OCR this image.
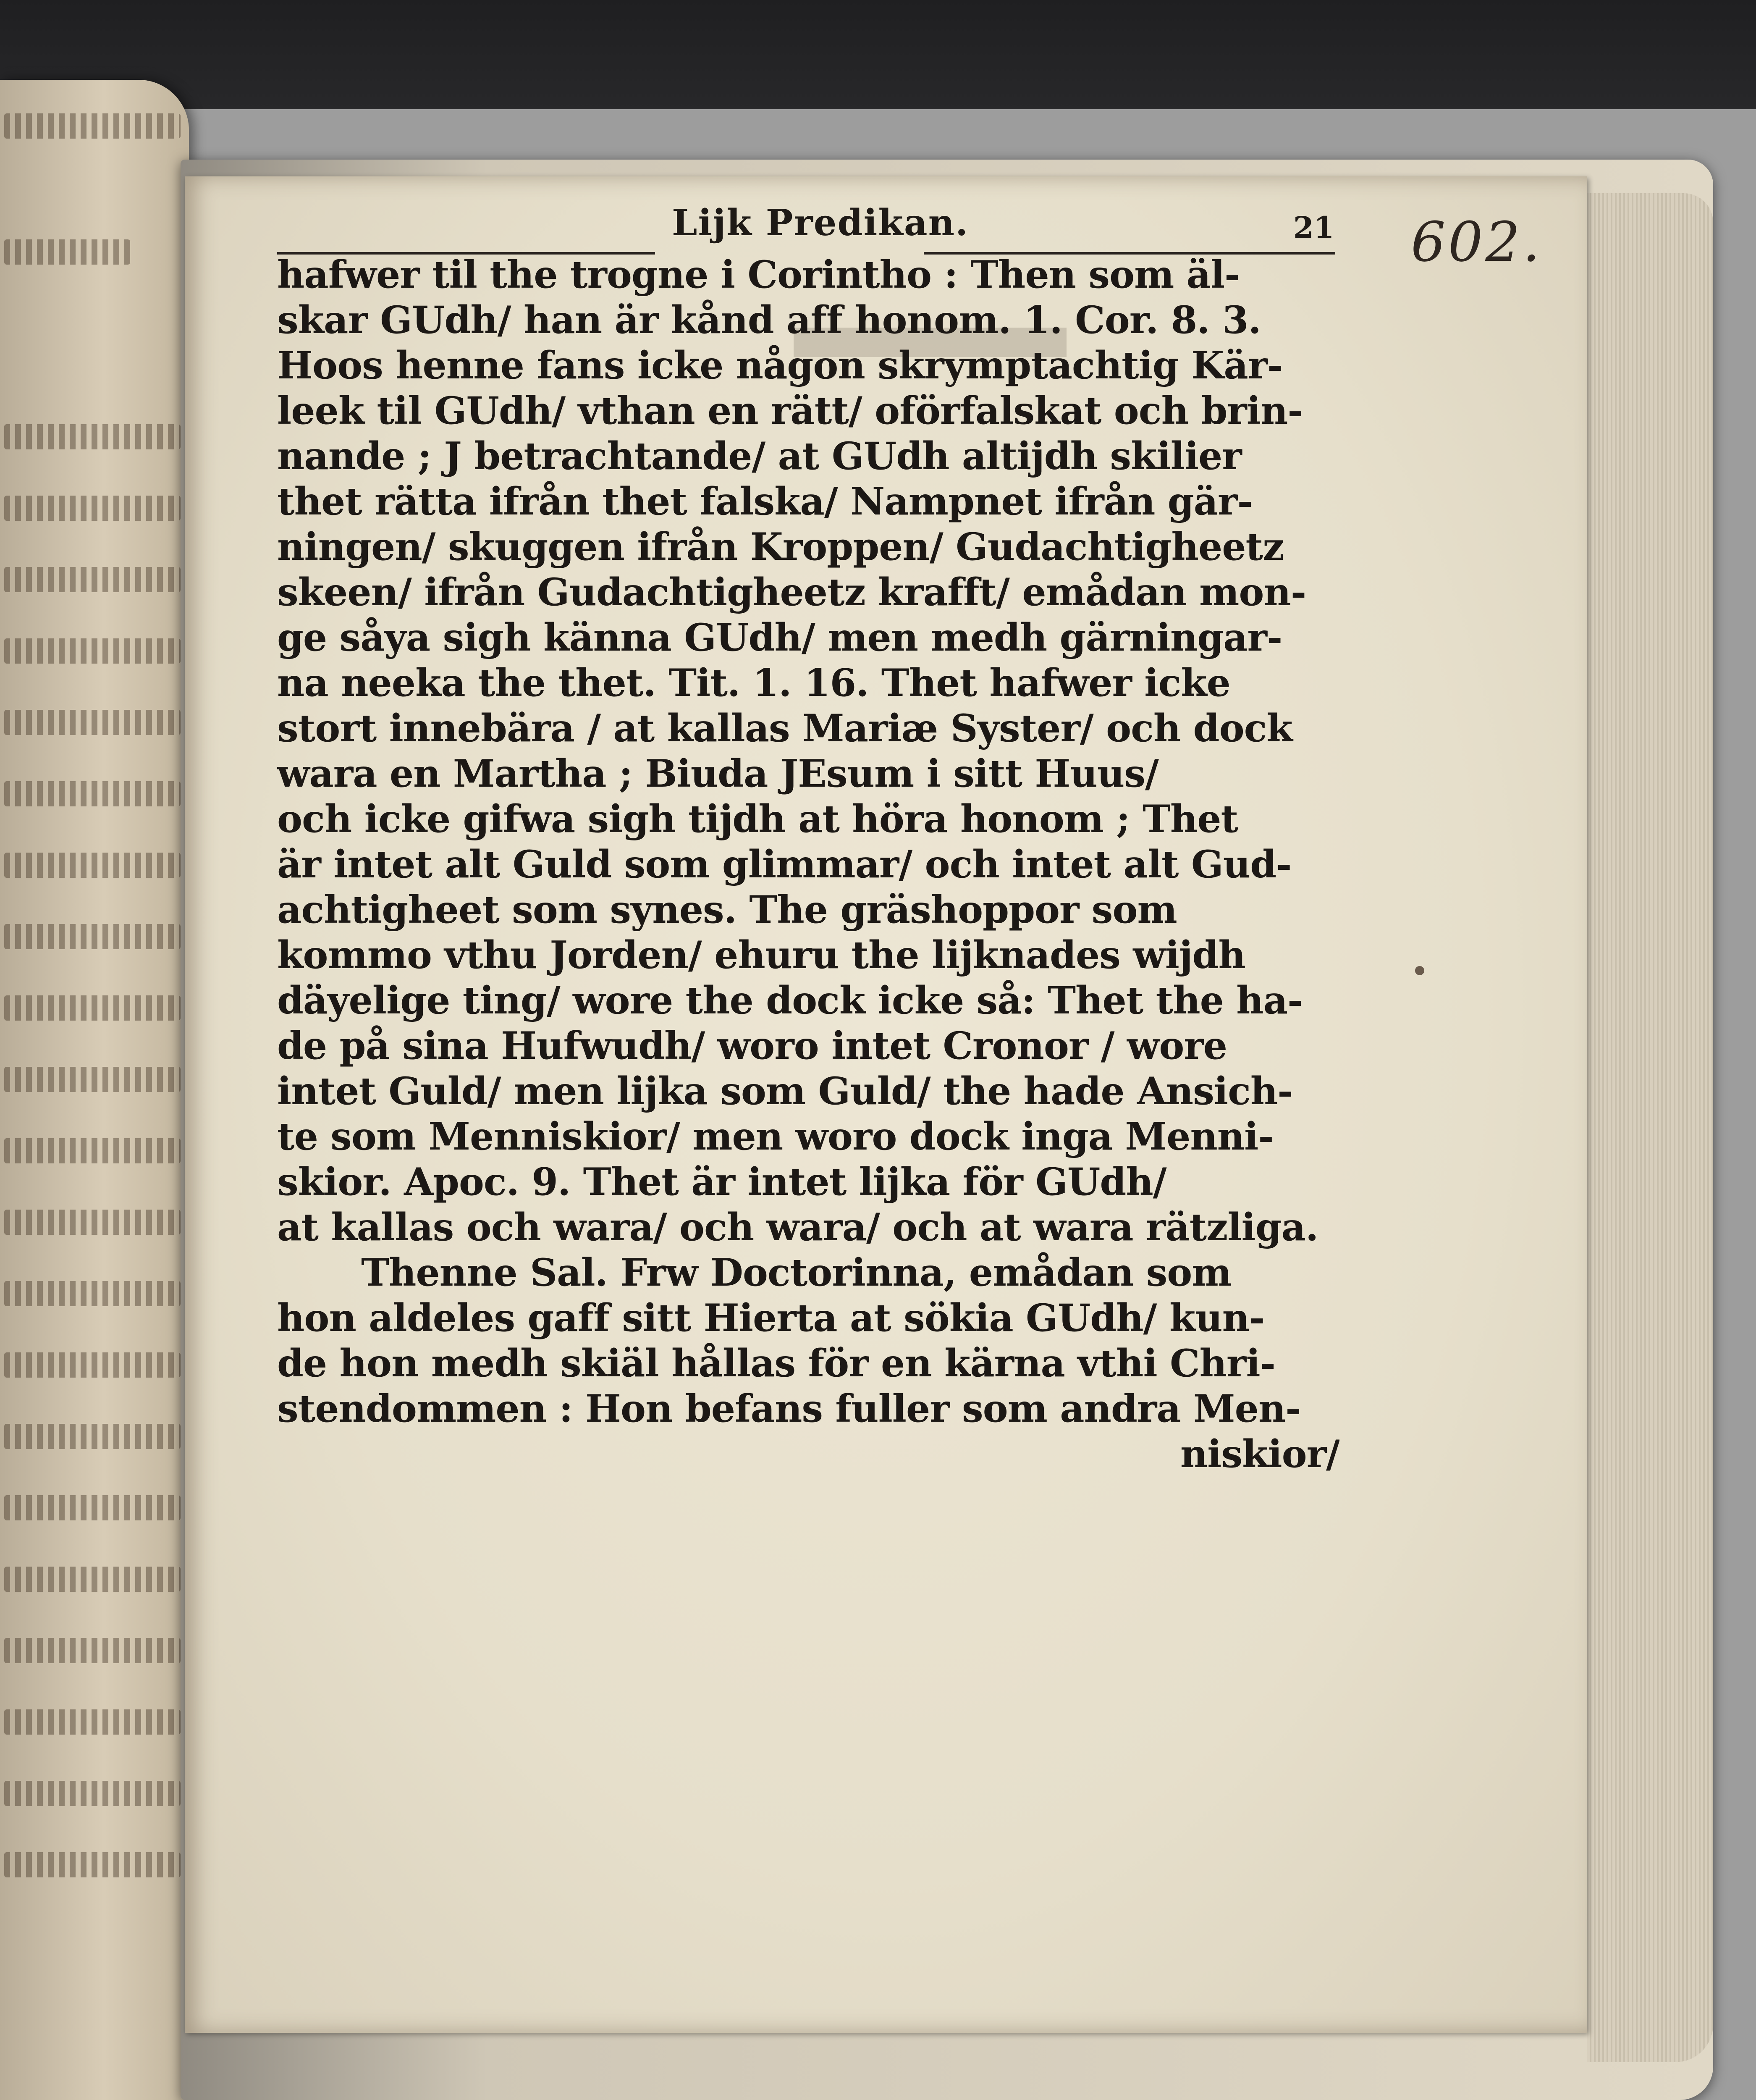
Lijk Predikan.	21 602.
hafwer til the trogne i Corintho : Then som äl-
skar GUdh/ han är kånd aff honom. 1. Cor. 8. 3.
Hoos henne fans icke någon skrymptachtig Kär-
leek til GUdh/ vthan en rätt/ oförfalskat och brin-
nande ; J betrachtande/ at GUdh altijdh skilier
thet rätta ifrån thet falska/ Nampnet ifrån gär-
ningen/ skuggen ifrån Kroppen/ Gudachtigheetz
skeen/ ifrån Gudachtigheetz krafft/ emådan mon-
ge såya sigh känna GUdh/ men medh gärningar-
na neeka the thet. Tit. 1. 16. Thet hafwer icke
stort innebära / at kallas Mariæ Syster/ och dock
wara en Martha ; Biuda JEsum i sitt Huus/
och icke gifwa sigh tijdh at höra honom ; Thet
är intet alt Guld som glimmar/ och intet alt Gud-
achtigheet som synes. The gräshoppor som
kommo vthu Jorden/ ehuru the lijknades wijdh
däyelige ting/ wore the dock icke så: Thet the ha-
de på sina Hufwudh/ woro intet Cronor / wore
intet Guld/ men lijka som Guld/ the hade Ansich-
te som Menniskior/ men woro dock inga Menni-
skior. Apoc. 9. Thet är intet lijka för GUdh/
at kallas och wara/ och wara/ och at wara rätzliga.
Thenne Sal. Frw Doctorinna, emådan som
hon aldeles gaff sitt Hierta at sökia GUdh/ kun-
de hon medh skiäl hållas för en kärna vthi Chri-
stendommen : Hon befans fuller som andra Men-
niskior/
